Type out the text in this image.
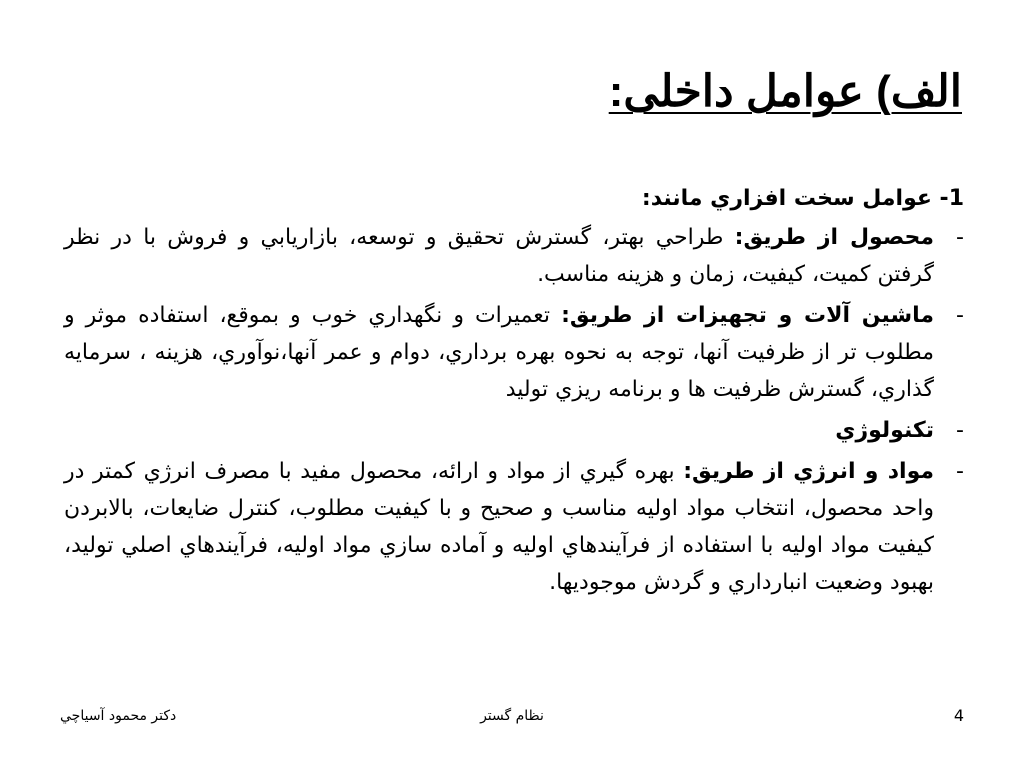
الف) عوامل داخلی:
1- عوامل سخت افزاري مانند:
-
محصول از طريق: طراحي بهتر، گسترش تحقيق و توسعه، بازاريابي و فروش با در نظر گرفتن كميت، كيفيت، زمان و هزينه مناسب.
-
ماشين آلات و تجهيزات از طريق: تعميرات و نگهداري خوب و بموقع، استفاده موثر و مطلوب تر از ظرفيت آنها، توجه به نحوه بهره برداري، دوام و عمر آنها،نوآوري، هزينه ، سرمايه گذاري، گسترش ظرفيت ها و برنامه ريزي توليد
-
تكنولوژي
-
مواد و انرژي از طريق: بهره گيري از مواد و ارائه، محصول مفيد با مصرف انرژي كمتر در واحد محصول، انتخاب مواد اوليه مناسب و صحيح و با كيفيت مطلوب، كنترل ضايعات، بالابردن كيفيت مواد اوليه با استفاده از فرآيندهاي اوليه و آماده سازي مواد اوليه، فرآيندهاي اصلي توليد، بهبود وضعيت انبارداري و گردش موجوديها.
دكتر محمود آسياچي	نظام گستر	4
